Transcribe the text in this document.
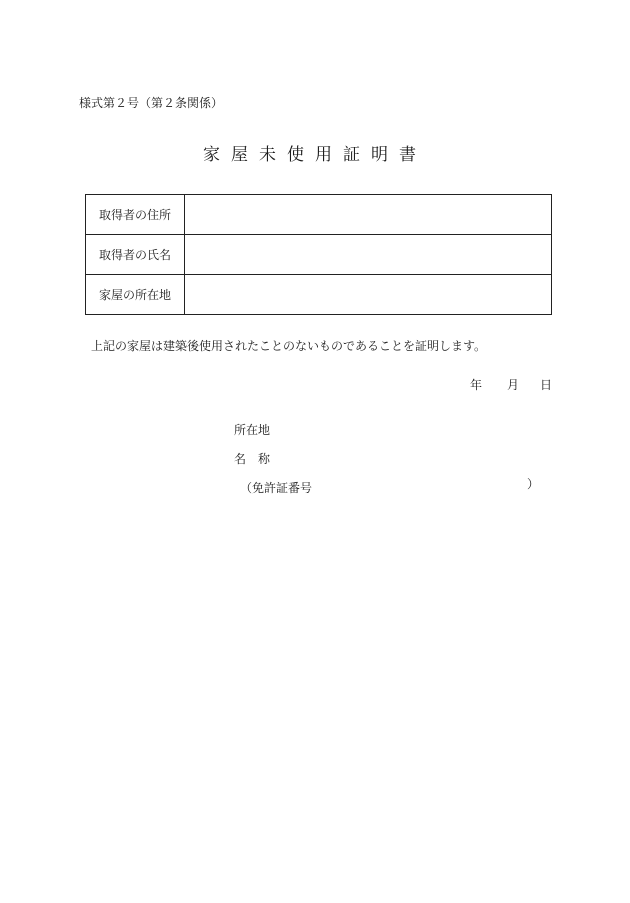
様式第２号（第２条関係）
家屋未使用証明書
取得者の住所	
取得者の氏名	
家屋の所在地	
上記の家屋は建築後使用されたことのないものであることを証明します。
年 月 日
所在地
名　称
（免許証番号	）
